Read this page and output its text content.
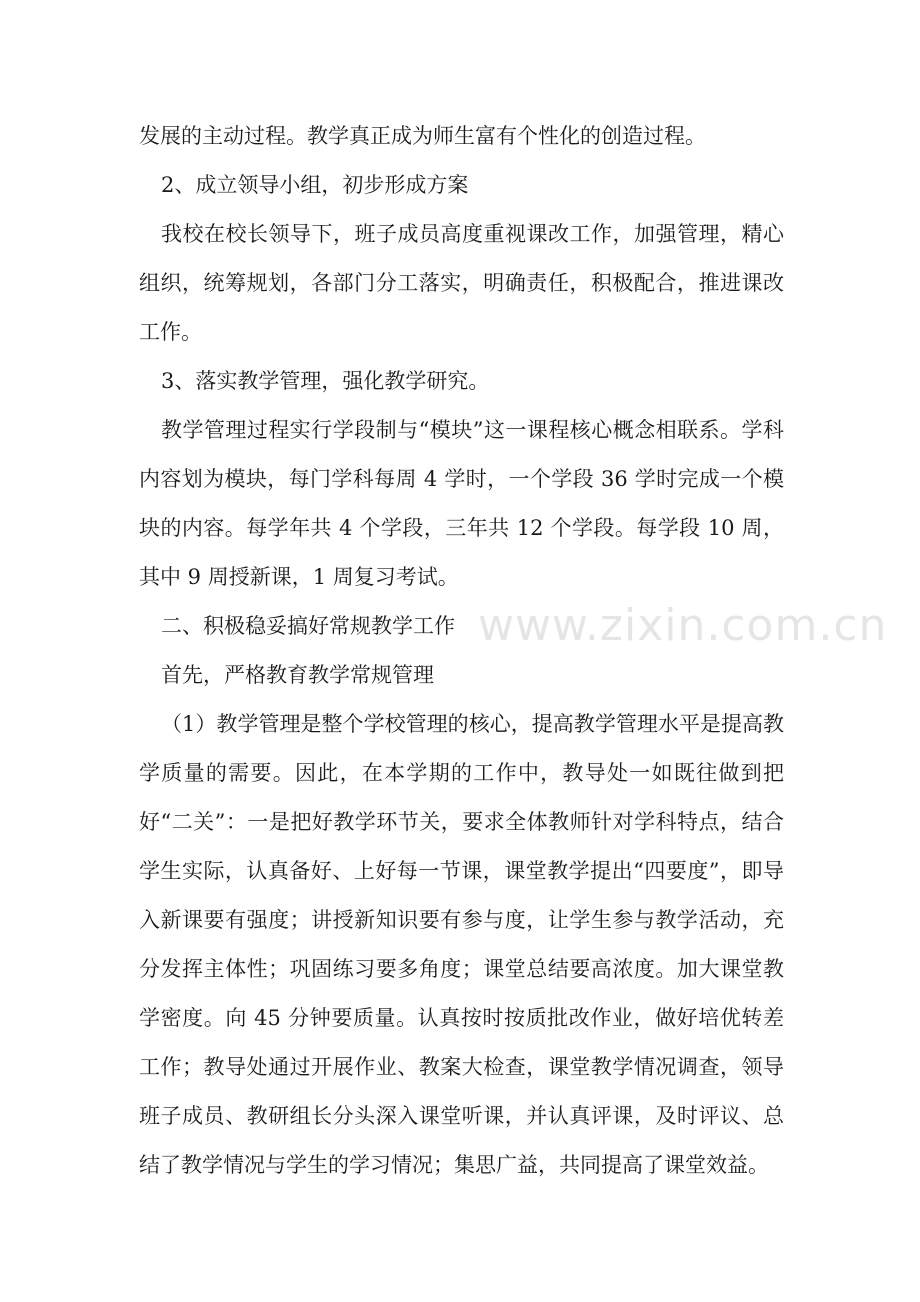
发展的主动过程。教学真正成为师生富有个性化的创造过程。

2、成立领导小组，初步形成方案

我校在校长领导下，班子成员高度重视课改工作，加强管理，精心组织，统筹规划，各部门分工落实，明确责任，积极配合，推进课改工作。

3、落实教学管理，强化教学研究。

教学管理过程实行学段制与“模块”这一课程核心概念相联系。学科内容划为模块，每门学科每周 4 学时，一个学段 36 学时完成一个模块的内容。每学年共 4 个学段，三年共 12 个学段。每学段 10 周，其中 9 周授新课，1 周复习考试。

二、积极稳妥搞好常规教学工作

首先，严格教育教学常规管理

（1）教学管理是整个学校管理的核心，提高教学管理水平是提高教学质量的需要。因此，在本学期的工作中，教导处一如既往做到把好“二关”：一是把好教学环节关，要求全体教师针对学科特点，结合学生实际，认真备好、上好每一节课，课堂教学提出“四要度”，即导入新课要有强度；讲授新知识要有参与度，让学生参与教学活动，充分发挥主体性；巩固练习要多角度；课堂总结要高浓度。加大课堂教学密度。向 45 分钟要质量。认真按时按质批改作业，做好培优转差工作；教导处通过开展作业、教案大检查，课堂教学情况调查，领导班子成员、教研组长分头深入课堂听课，并认真评课，及时评议、总结了教学情况与学生的学习情况；集思广益，共同提高了课堂效益。

www.zixin.com.cn
